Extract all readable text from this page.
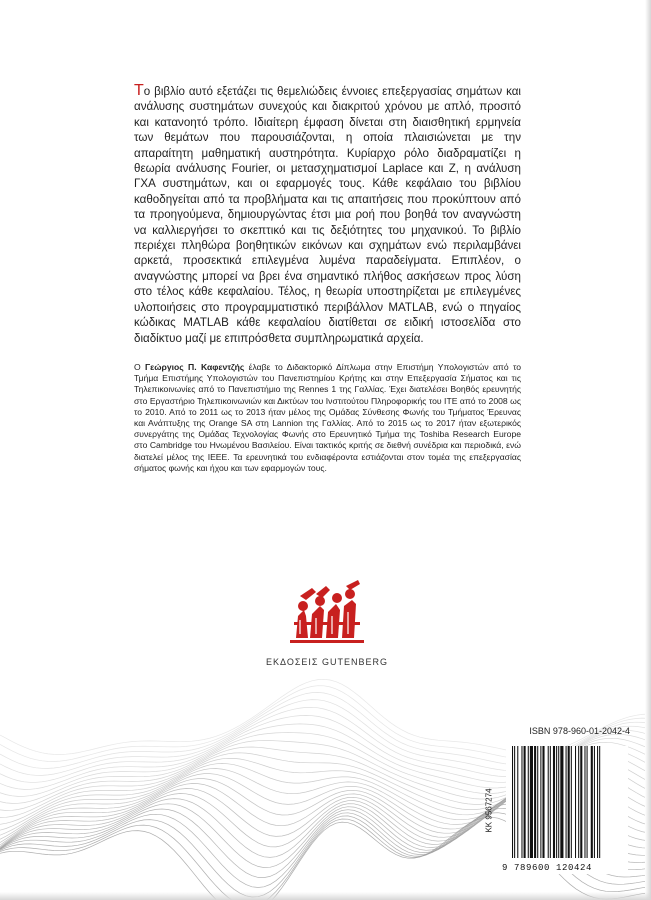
Το βιβλίο αυτό εξετάζει τις θεμελιώδεις έννοιες επεξεργασίας σημάτων και ανάλυσης συστημάτων συνεχούς και διακριτού χρόνου με απλό, προσιτό και κατανοητό τρόπο. Ιδιαίτερη έμφαση δίνεται στη διαισθητική ερμηνεία των θεμάτων που παρουσιάζονται, η οποία πλαισιώνεται με την απαραίτητη μαθηματική αυστηρότητα. Κυρίαρχο ρόλο διαδραματίζει η θεωρία ανάλυσης Fourier, οι μετασχηματισμοί Laplace και Z, η ανάλυση ΓΧΑ συστημάτων, και οι εφαρμογές τους. Κάθε κεφάλαιο του βιβλίου καθοδηγείται από τα προβλήματα και τις απαιτήσεις που προκύπτουν από τα προηγούμενα, δημιουργώντας έτσι μια ροή που βοηθά τον αναγνώστη να καλλιεργήσει το σκεπτικό και τις δεξιότητες του μηχανικού. Το βιβλίο περιέχει πληθώρα βοηθητικών εικόνων και σχημάτων ενώ περιλαμβάνει αρκετά, προσεκτικά επιλεγμένα λυμένα παραδείγματα. Επιπλέον, ο αναγνώστης μπορεί να βρει ένα σημαντικό πλήθος ασκήσεων προς λύση στο τέλος κάθε κεφαλαίου. Τέλος, η θεωρία υποστηρίζεται με επιλεγμένες υλοποιήσεις στο προγραμματιστικό περιβάλλον MATLAB, ενώ ο πηγαίος κώδικας MATLAB κάθε κεφαλαίου διατίθεται σε ειδική ιστοσελίδα στο διαδίκτυο μαζί με επιπρόσθετα συμπληρωματικά αρχεία.

Ο Γεώργιος Π. Καφεντζής έλαβε το Διδακτορικό Δίπλωμα στην Επιστήμη Υπολογιστών από το Τμήμα Επιστήμης Υπολογιστών του Πανεπιστημίου Κρήτης και στην Επεξεργασία Σήματος και τις Τηλεπικοινωνίες από το Πανεπιστήμιο της Rennes 1 της Γαλλίας. Έχει διατελέσει Βοηθός ερευνητής στο Εργαστήριο Τηλεπικοινωνιών και Δικτύων του Ινστιτούτου Πληροφορικής του ΙΤΕ από το 2008 ως το 2010. Από το 2011 ως το 2013 ήταν μέλος της Ομάδας Σύνθεσης Φωνής του Τμήματος Έρευνας και Ανάπτυξης της Orange SA στη Lannion της Γαλλίας. Από το 2015 ως το 2017 ήταν εξωτερικός συνεργάτης της Ομάδας Τεχνολογίας Φωνής στο Ερευνητικό Τμήμα της Toshiba Research Europe στο Cambridge του Ηνωμένου Βασιλείου. Είναι τακτικός κριτής σε διεθνή συνέδρια και περιοδικά, ενώ διατελεί μέλος της IEEE. Τα ερευνητικά του ενδιαφέροντα εστιάζονται στον τομέα της επεξεργασίας σήματος φωνής και ήχου και των εφαρμογών τους.

ΕΚΔΟΣΕΙΣ GUTENBERG
ISBN 978-960-01-2042-4
KK 9567274
9 789600 120424
